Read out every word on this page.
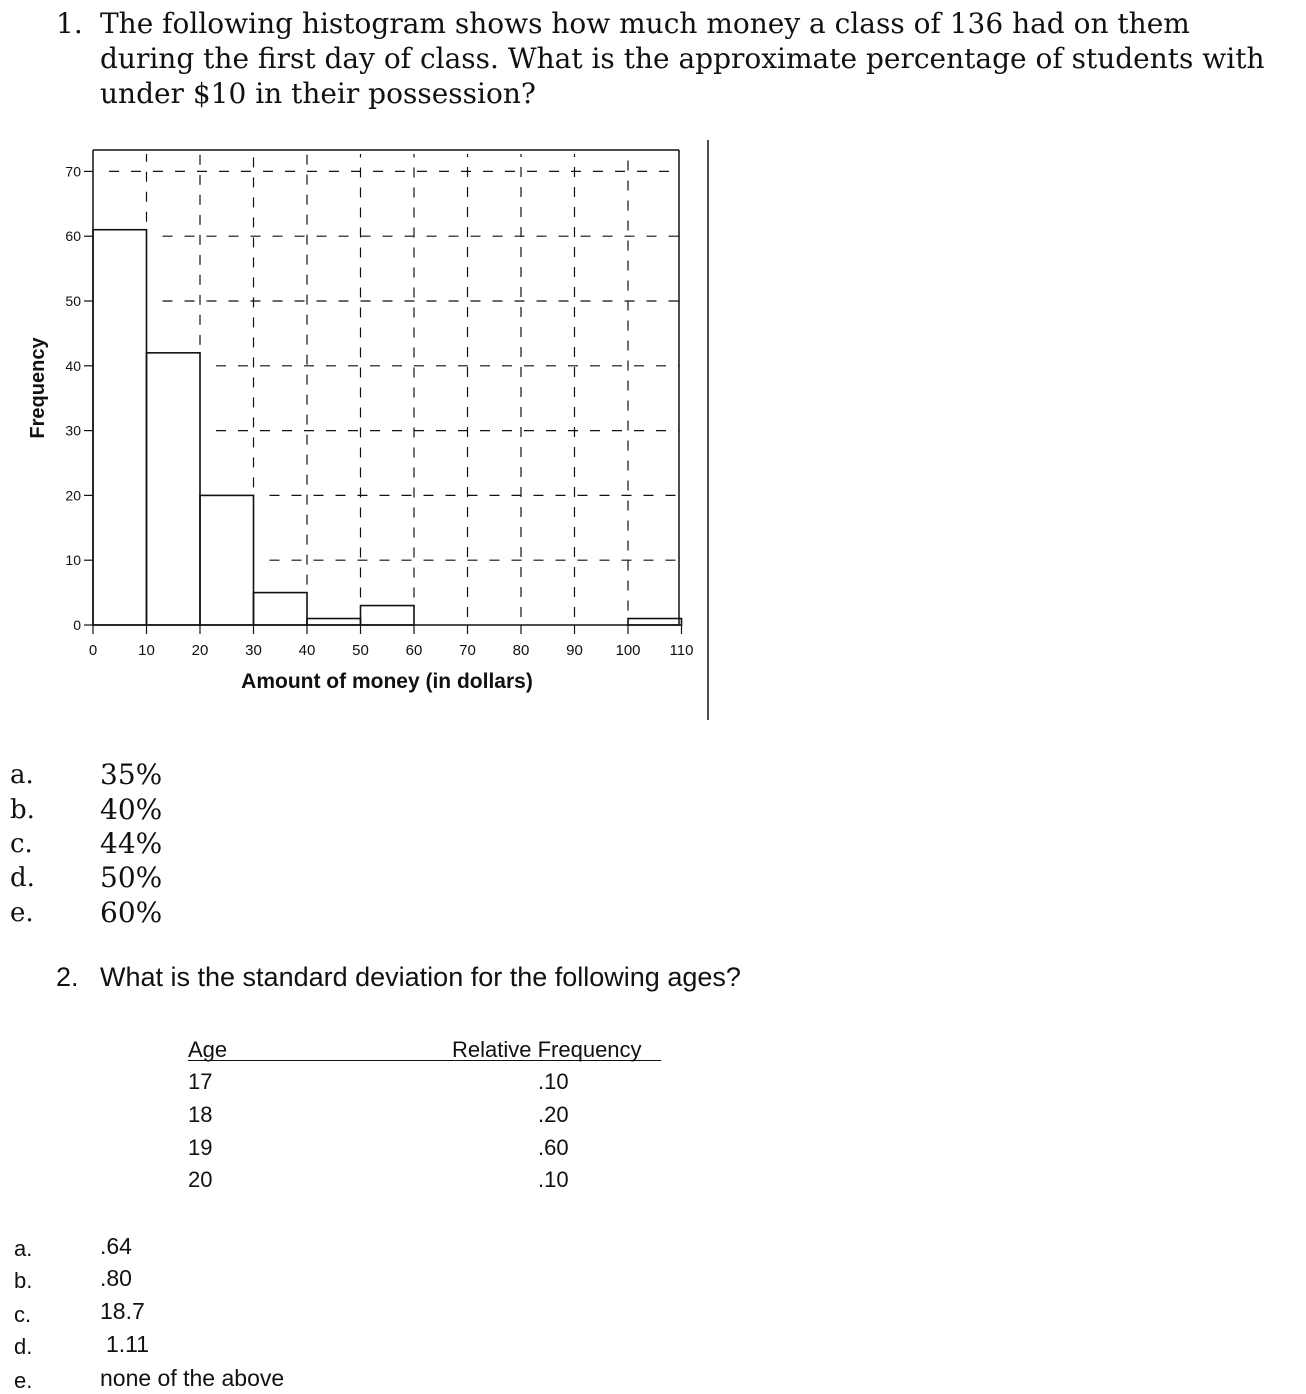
1. The following histogram shows how much money a class of 136 had on them during the first day of class. What is the approximate percentage of students with under $10 in their possession?
0
10
20
30
40
50
60
70
0	10 20 30 40 50 60 70 80 90 100 110
Amount of money (in dollars)
Frequency
a. 35%
b. 40%
c. 44%
d. 50%
e. 60%
2. What is the standard deviation for the following ages?
Age	Relative Frequency
17	.10
18	.20
19	.60
20	.10
a.	.64
b.	.80
c.	18.7
d.	1.11
e.	none of the above
